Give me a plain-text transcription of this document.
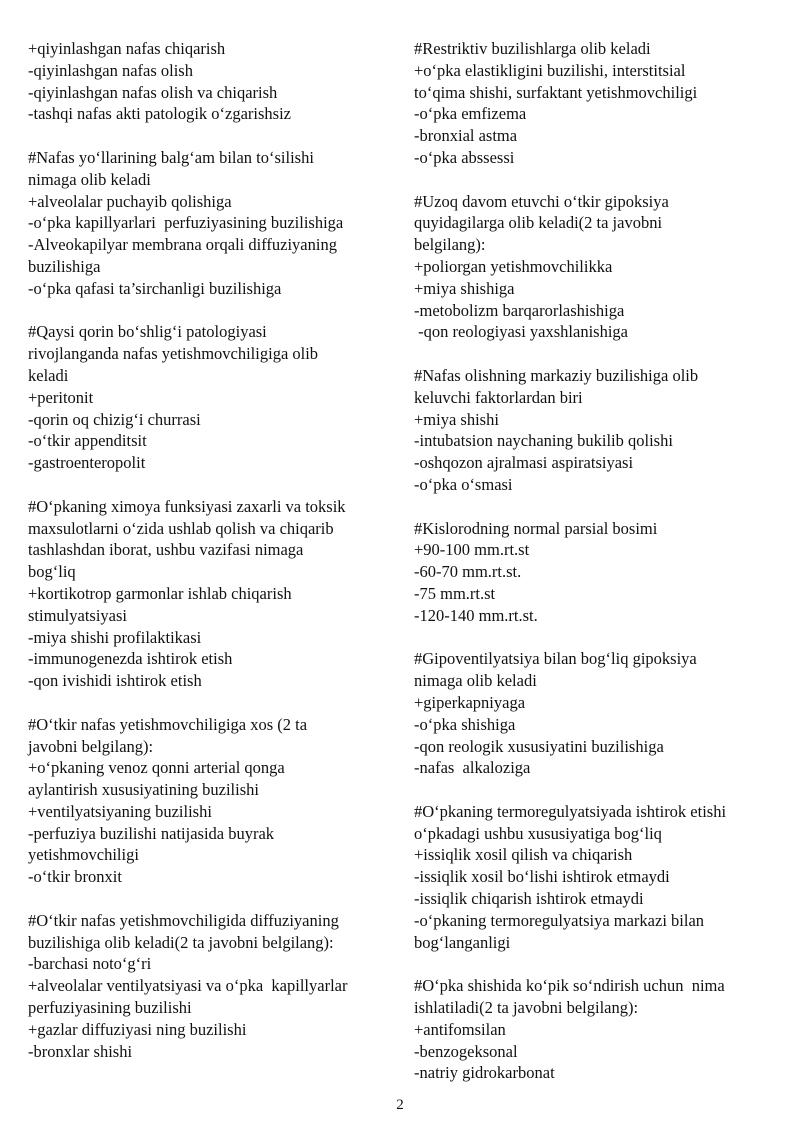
+qiyinlashgan nafas chiqarish

-qiyinlashgan nafas olish

-qiyinlashgan nafas olish va chiqarish

-tashqi nafas akti patologik o‘zgarishsiz

#Nafas yo‘llarining balg‘am bilan to‘silishi

nimaga olib keladi

+alveolalar puchayib qolishiga

-o‘pka kapillyarlari  perfuziyasining buzilishiga

-Alveokapilyar membrana orqali diffuziyaning

buzilishiga

-o‘pka qafasi ta’sirchanligi buzilishiga

#Qaysi qorin bo‘shlig‘i patologiyasi

rivojlanganda nafas yetishmovchiligiga olib

keladi

+peritonit

-qorin oq chizig‘i churrasi

-o‘tkir appenditsit

-gastroenteropolit

#O‘pkaning ximoya funksiyasi zaxarli va toksik

maxsulotlarni o‘zida ushlab qolish va chiqarib

tashlashdan iborat, ushbu vazifasi nimaga

bog‘liq

+kortikotrop garmonlar ishlab chiqarish

stimulyatsiyasi

-miya shishi profilaktikasi

-immunogenezda ishtirok etish

-qon ivishidi ishtirok etish

#O‘tkir nafas yetishmovchiligiga xos (2 ta

javobni belgilang):

+o‘pkaning venoz qonni arterial qonga

aylantirish xususiyatining buzilishi

+ventilyatsiyaning buzilishi

-perfuziya buzilishi natijasida buyrak

yetishmovchiligi

-o‘tkir bronxit

#O‘tkir nafas yetishmovchiligida diffuziyaning

buzilishiga olib keladi(2 ta javobni belgilang):

-barchasi noto‘g‘ri

+alveolalar ventilyatsiyasi va o‘pka  kapillyarlar

perfuziyasining buzilishi

+gazlar diffuziyasi ning buzilishi

-bronxlar shishi

#Restriktiv buzilishlarga olib keladi

+o‘pka elastikligini buzilishi, interstitsial

to‘qima shishi, surfaktant yetishmovchiligi

-o‘pka emfizema

-bronxial astma

-o‘pka abssessi

#Uzoq davom etuvchi o‘tkir gipoksiya

quyidagilarga olib keladi(2 ta javobni

belgilang):

+poliorgan yetishmovchilikka

+miya shishiga

-metobolizm barqarorlashishiga

-qon reologiyasi yaxshlanishiga

#Nafas olishning markaziy buzilishiga olib

keluvchi faktorlardan biri

+miya shishi

-intubatsion naychaning bukilib qolishi

-oshqozon ajralmasi aspiratsiyasi

-o‘pka o‘smasi

#Kislorodning normal parsial bosimi

+90-100 mm.rt.st

-60-70 mm.rt.st.

-75 mm.rt.st

-120-140 mm.rt.st.

#Gipoventilyatsiya bilan bog‘liq gipoksiya

nimaga olib keladi

+giperkapniyaga

-o‘pka shishiga

-qon reologik xususiyatini buzilishiga

-nafas  alkaloziga

#O‘pkaning termoregulyatsiyada ishtirok etishi

o‘pkadagi ushbu xususiyatiga bog‘liq

+issiqlik xosil qilish va chiqarish

-issiqlik xosil bo‘lishi ishtirok etmaydi

-issiqlik chiqarish ishtirok etmaydi

-o‘pkaning termoregulyatsiya markazi bilan

bog‘langanligi

#O‘pka shishida ko‘pik so‘ndirish uchun  nima

ishlatiladi(2 ta javobni belgilang):

+antifomsilan

-benzogeksonal

-natriy gidrokarbonat

2
